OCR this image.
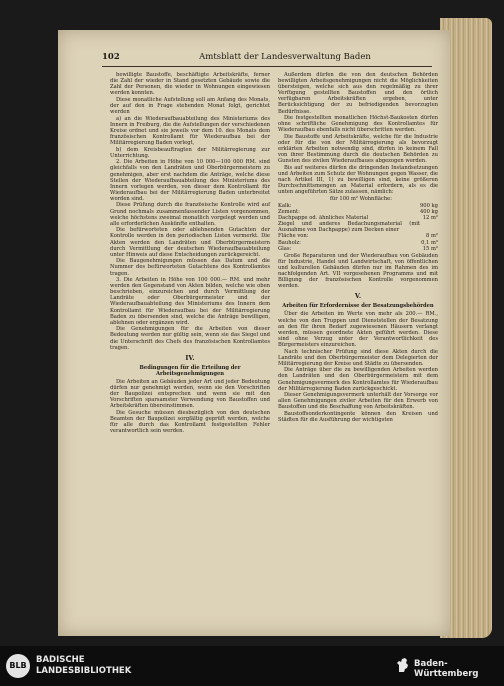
102	Amtsblatt der Landesverwaltung Baden

bewilligte Baustoffe, beschäftigte Arbeitskräfte, ferner die Zahl der wieder in Stand gesetzten Gebäude sowie die Zahl der Personen, die wieder in Wohnungen eingewiesen werden konnten.

Diese monatliche Aufstellung soll am Anfang des Monats, der auf den in Frage stehenden Monat folgt, gerichtet werden

a) an die Wiederaufbauabteilung des Ministeriums des Innern in Freiburg, die die Aufstellungen der verschiedenen Kreise ordnet und sie jeweils vor dem 10. des Monats dem französischen Kontrollamt für Wiederaufbau bei der Militärregierung Baden vorlegt,

b) dem Kreisbeauftragten der Militärregierung zur Unterrichtung.

2. Die Arbeiten in Höhe von 10 000—100 000 RM. sind gleichfalls von den Landräten und Oberbürgermeistern zu genehmigen, aber erst nachdem die Anträge, welche diese Stellen der Wiederaufbauabteilung des Ministeriums des Innern vorlegen werden, von dieser dem Kontrollamt für Wiederaufbau bei der Militärregierung Baden unterbreitet worden sind.

Diese Prüfung durch die französische Kontrolle wird auf Grund nochmals zusammenfassender Listen vorgenommen, welche höchstens zweimal monatlich vorgelegt werden und alle erforderlichen Auskünfte enthalten.

Die befürworteten oder ablehnenden Gutachten der Kontrolle werden in den periodischen Listen vermerkt. Die Akten werden den Landräten und Oberbürgermeistern durch Vermittlung der deutschen Wiederaufbauabteilung unter Hinweis auf diese Entscheidungen zurückgereicht.

Die Baugenehmigungen müssen das Datum und die Nummer des befürworteten Gutachtens des Kontrollamtes tragen.

3. Die Arbeiten in Höhe von 100 000.— RM. und mehr werden den Gegenstand von Akten bilden, welche wie oben beschrieben, einzureichen und durch Vermittlung der Landräte oder Oberbürgermeister und der Wiederaufbauabteilung des Ministeriums des Innern dem Kontrollamt für Wiederaufbau bei der Militärregierung Baden zu übersenden sind, welche die Anträge bewilligen, ablehnen oder ergänzen wird.

Die Genehmigungen für die Arbeiten von dieser Bedeutung werden nur gültig sein, wenn sie das Siegel und die Unterschrift des Chefs des französischen Kontrollamtes tragen.

IV.
Bedingungen für die Erteilung der Arbeitsgenehmigungen

Die Arbeiten an Gebäuden jeder Art und jeder Bedeutung dürfen nur genehmigt werden, wenn sie den Vorschriften der Baupolizei entsprechen und wenn sie mit den Vorschriften sparsamster Verwendung von Baustoffen und Arbeitskräften übereinstimmen.

Die Gesuche müssen diesbezüglich von den deutschen Beamten der Baupolizei sorgfältig geprüft werden, welche für alle durch das Kontrollamt festgestellten Fehler verantwortlich sein werden.

Außerdem dürfen die von den deutschen Behörden bewilligten Arbeitsgenehmigungen nicht die Möglichkeiten übersteigen, welche sich aus den regelmäßig zu ihrer Verfügung gestellten Baustoffen und den örtlich verfügbaren Arbeitskräften ergeben, unter Berücksichtigung der zu befriedigenden bevorzugten Bedürfnisse.

Die festgestellten monatlichen Höchst-Baukosten dürfen ohne schriftliche Genehmigung des Kontrollamtes für Wiederaufbau ebenfalls nicht überschritten werden.

Die Baustoffe und Arbeitskräfte, welche für die Industrie oder für die von der Militärregierung als bevorzugt erklärten Arbeiten notwendig sind, dürfen in keinem Fall von ihrer Bestimmung durch die deutschen Behörden zu Gunsten des zivilen Wiederaufbaues abgezogen werden.

Bis auf weiteres dürfen die dringenden Instandsetzungen und Arbeiten zum Schutz der Wohnungen gegen Wasser, die nach Artikel III, 1) zu bewilligen sind, keine größeren Durchschnittsmengen an Material erfordern, als es die unten angeführten Sätze zulassen, nämlich:

für 100 m² Wohnfläche:

Kalk:	900 kg
Zement:	400 kg
Dachpappe od. ähnliches Material	12 m²
Ziegel und anderes Bedachungsmaterial (mit Ausnahme von Dachpappe) zum Decken einer	
Fläche von:	8 m²
Bauholz:	0,1 m³
Glas:	15 m²

Große Reparaturen und der Wiederaufbau von Gebäuden für Industrie, Handel und Landwirtschaft, von öffentlichen und kulturellen Gebäuden dürfen nur im Rahmen des im nachfolgenden Art. VII vorgesehenen Programms und mit Billigung der französischen Kontrolle vorgenommen werden.

V.
Arbeiten für Erfordernisse der Besatzungsbehörden

Über die Arbeiten im Werte von mehr als 200.— RM., welche von den Truppen und Dienststellen der Besatzung an den für ihren Bedarf zugewiesenen Häusern verlangt werden, müssen geordnete Akten geführt werden. Diese sind ohne Verzug unter der Verantwortlichkeit des Bürgermeisters einzureichen.

Nach technischer Prüfung sind diese Akten durch die Landräte und den Oberbürgermeister dem Delegierten der Militärregierung der Kreise und Städte zu übersenden.

Die Anträge über die zu bewilligenden Arbeiten werden den Landräten und den Oberbürgermeistern mit dem Genehmigungsvermerk des Kontrollamtes für Wiederaufbau der Militärregierung Baden zurückgeschickt.

Dieser Genehmigungsvermerk unterhält der Vorsorge vor allen Genehmigungen ziviler Arbeiten für den Erwerb von Baustoffen und die Beschaffung von Arbeitskräften.

Baustoffsonderkontingente können den Kreisen und Städten für die Ausführung der wichtigsten

BLB
BADISCHE
LANDESBIBLIOTHEK
Baden-Württemberg
